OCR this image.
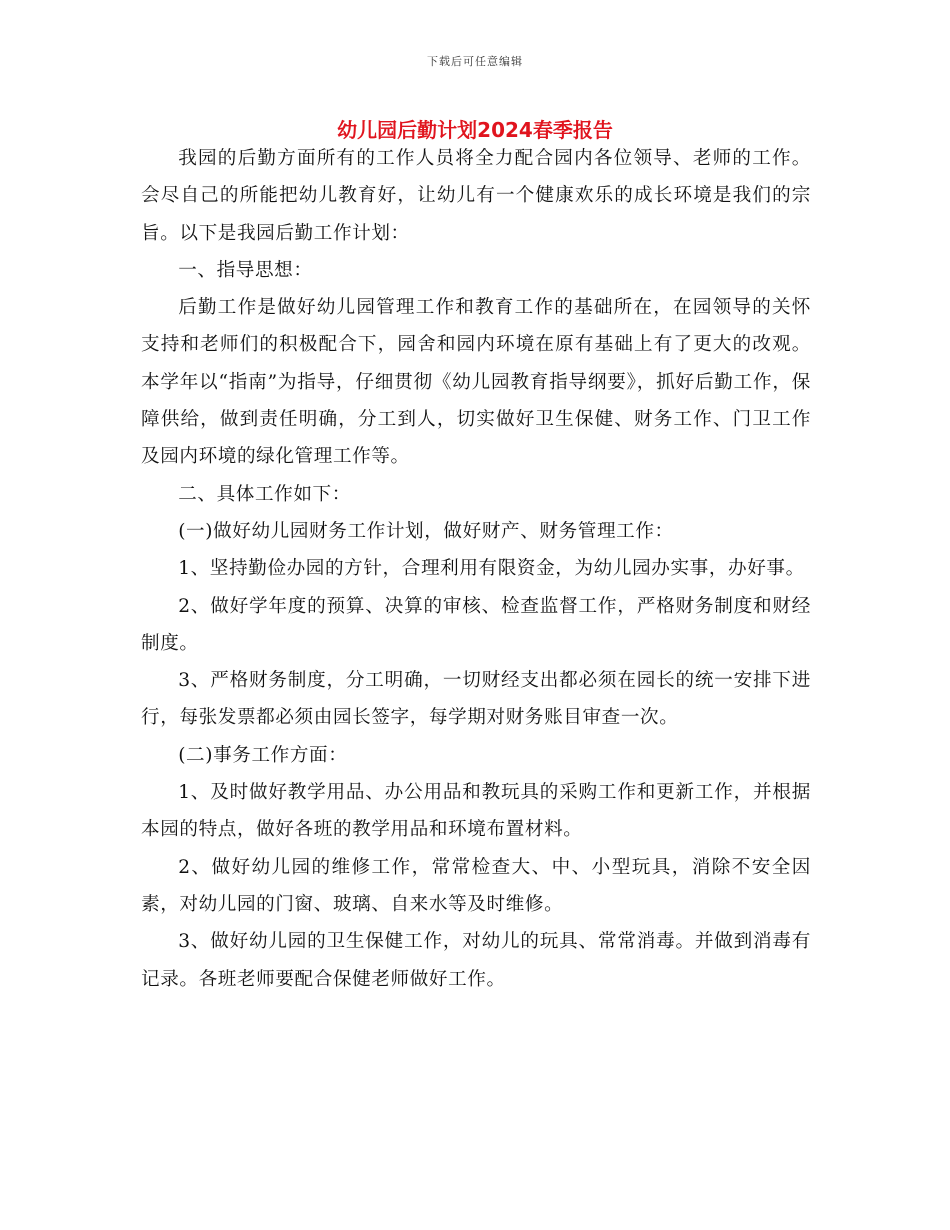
下载后可任意编辑
幼儿园后勤计划2024春季报告

我园的后勤方面所有的工作人员将全力配合园内各位领导、老师的工作。会尽自己的所能把幼儿教育好，让幼儿有一个健康欢乐的成长环境是我们的宗旨。以下是我园后勤工作计划：

一、指导思想：

后勤工作是做好幼儿园管理工作和教育工作的基础所在，在园领导的关怀支持和老师们的积极配合下，园舍和园内环境在原有基础上有了更大的改观。本学年以“指南”为指导，仔细贯彻《幼儿园教育指导纲要》，抓好后勤工作，保障供给，做到责任明确，分工到人，切实做好卫生保健、财务工作、门卫工作及园内环境的绿化管理工作等。

二、具体工作如下：

(一)做好幼儿园财务工作计划，做好财产、财务管理工作：

1、坚持勤俭办园的方针，合理利用有限资金，为幼儿园办实事，办好事。

2、做好学年度的预算、决算的审核、检查监督工作，严格财务制度和财经制度。

3、严格财务制度，分工明确，一切财经支出都必须在园长的统一安排下进行，每张发票都必须由园长签字，每学期对财务账目审查一次。

(二)事务工作方面：

1、及时做好教学用品、办公用品和教玩具的采购工作和更新工作，并根据本园的特点，做好各班的教学用品和环境布置材料。

2、做好幼儿园的维修工作，常常检查大、中、小型玩具，消除不安全因素，对幼儿园的门窗、玻璃、自来水等及时维修。

3、做好幼儿园的卫生保健工作，对幼儿的玩具、常常消毒。并做到消毒有记录。各班老师要配合保健老师做好工作。
